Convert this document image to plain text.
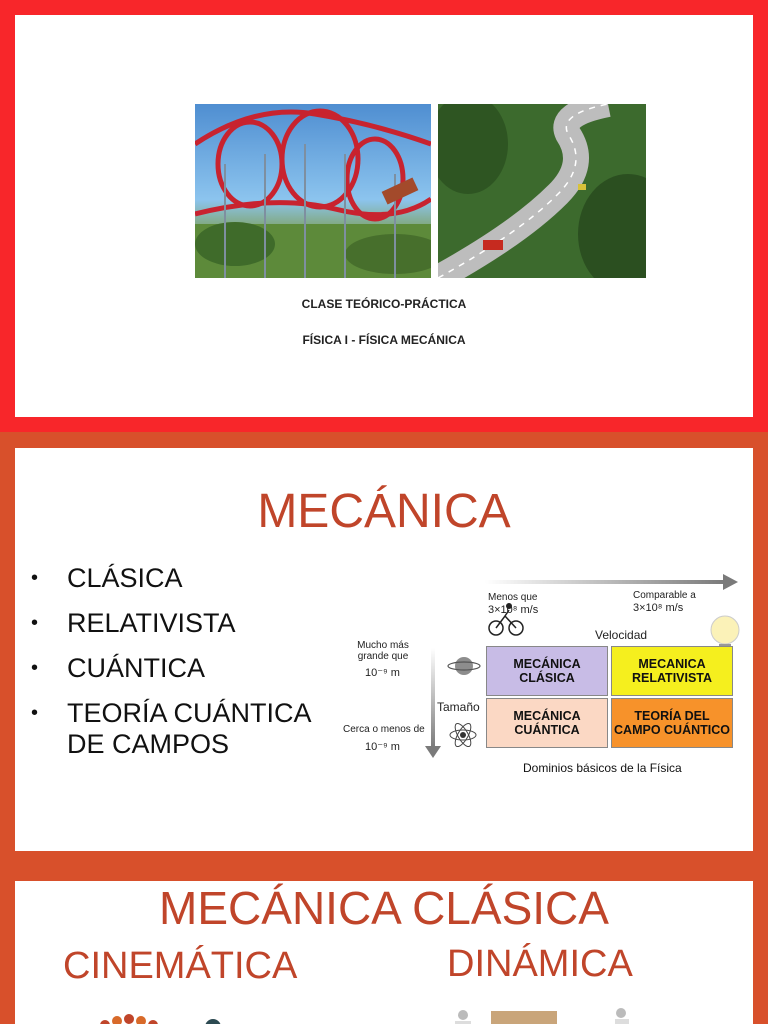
CLASE TEÓRICO-PRÁCTICA
FÍSICA I - FÍSICA MECÁNICA
MECÁNICA
• CLÁSICA
• RELATIVISTA
• CUÁNTICA
• TEORÍA CUÁNTICA DE CAMPOS
Menos que
3×10⁸ m/s
Comparable a
3×10⁸ m/s
Velocidad
Mucho más grande que
10⁻⁹ m
Tamaño
Cerca o menos de
10⁻⁹ m
MECÁNICA CLÁSICA
MECANICA RELATIVISTA
MECÁNICA CUÁNTICA
TEORÍA DEL CAMPO CUÁNTICO
Dominios básicos de la Física
MECÁNICA CLÁSICA
CINEMÁTICA	DINÁMICA
